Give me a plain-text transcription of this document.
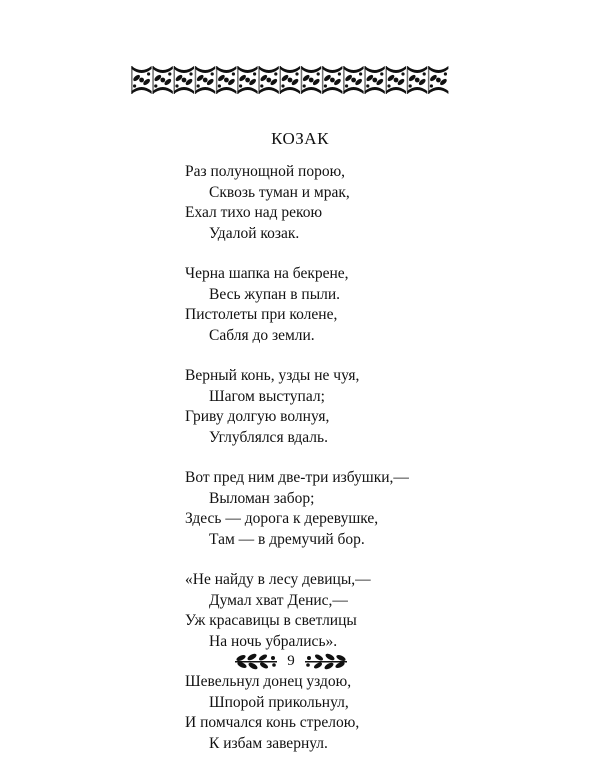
КОЗАК
Раз полунощной порою,
Сквозь туман и мрак,
Ехал тихо над рекою
Удалой козак.
Черна шапка на бекрене,
Весь жупан в пыли.
Пистолеты при колене,
Сабля до земли.
Верный конь, узды не чуя,
Шагом выступал;
Гриву долгую волнуя,
Углублялся вдаль.
Вот пред ним две-три избушки,—
Выломан забор;
Здесь — дорога к деревушке,
Там — в дремучий бор.
«Не найду в лесу девицы,—
Думал хват Денис,—
Уж красавицы в светлицы
На ночь убрались».
Шевельнул донец уздою,
Шпорой прикольнул,
И помчался конь стрелою,
К избам завернул.
9
